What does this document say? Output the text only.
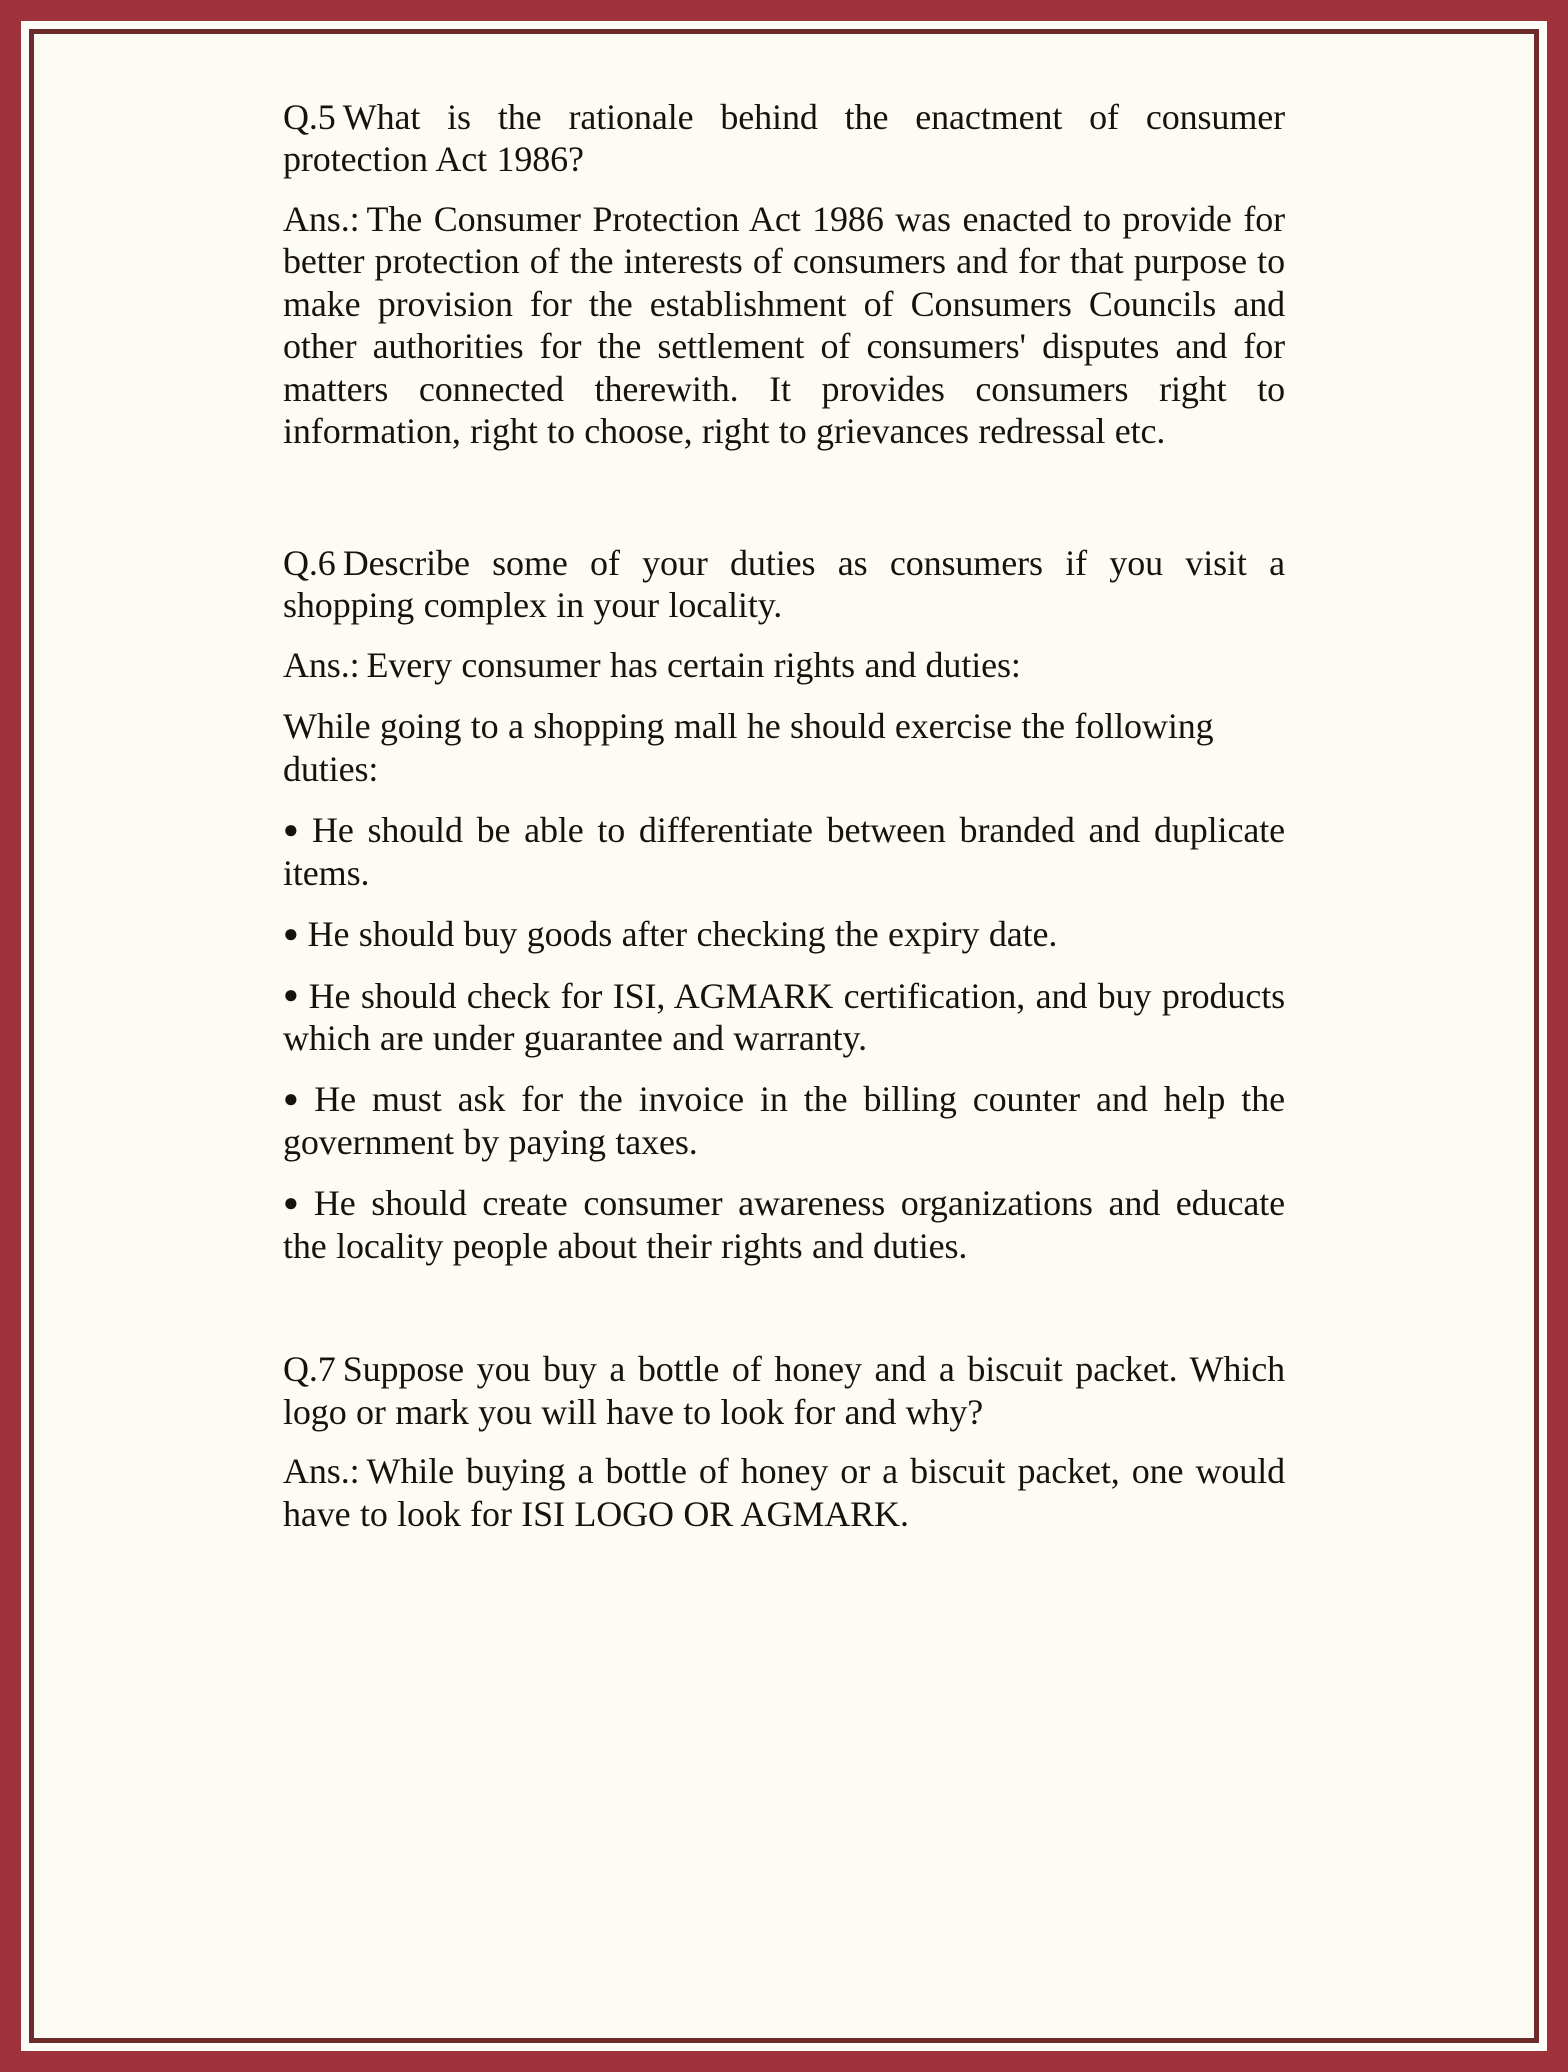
Q.5 What is the rationale behind the enactment of consumer protection Act 1986?

Ans.: The Consumer Protection Act 1986 was enacted to provide for better protection of the interests of consumers and for that purpose to make provision for the establishment of Consumers Councils and other authorities for the settlement of consumers' disputes and for matters connected therewith. It provides consumers right to information, right to choose, right to grievances redressal etc.

Q.6 Describe some of your duties as consumers if you visit a shopping complex in your locality.

Ans.: Every consumer has certain rights and duties:

While going to a shopping mall he should exercise the following duties:

● He should be able to differentiate between branded and duplicate items.

● He should buy goods after checking the expiry date.

● He should check for ISI, AGMARK certification, and buy products which are under guarantee and warranty.

● He must ask for the invoice in the billing counter and help the government by paying taxes.

● He should create consumer awareness organizations and educate the locality people about their rights and duties.

Q.7 Suppose you buy a bottle of honey and a biscuit packet. Which logo or mark you will have to look for and why?

Ans.: While buying a bottle of honey or a biscuit packet, one would have to look for ISI LOGO OR AGMARK.
